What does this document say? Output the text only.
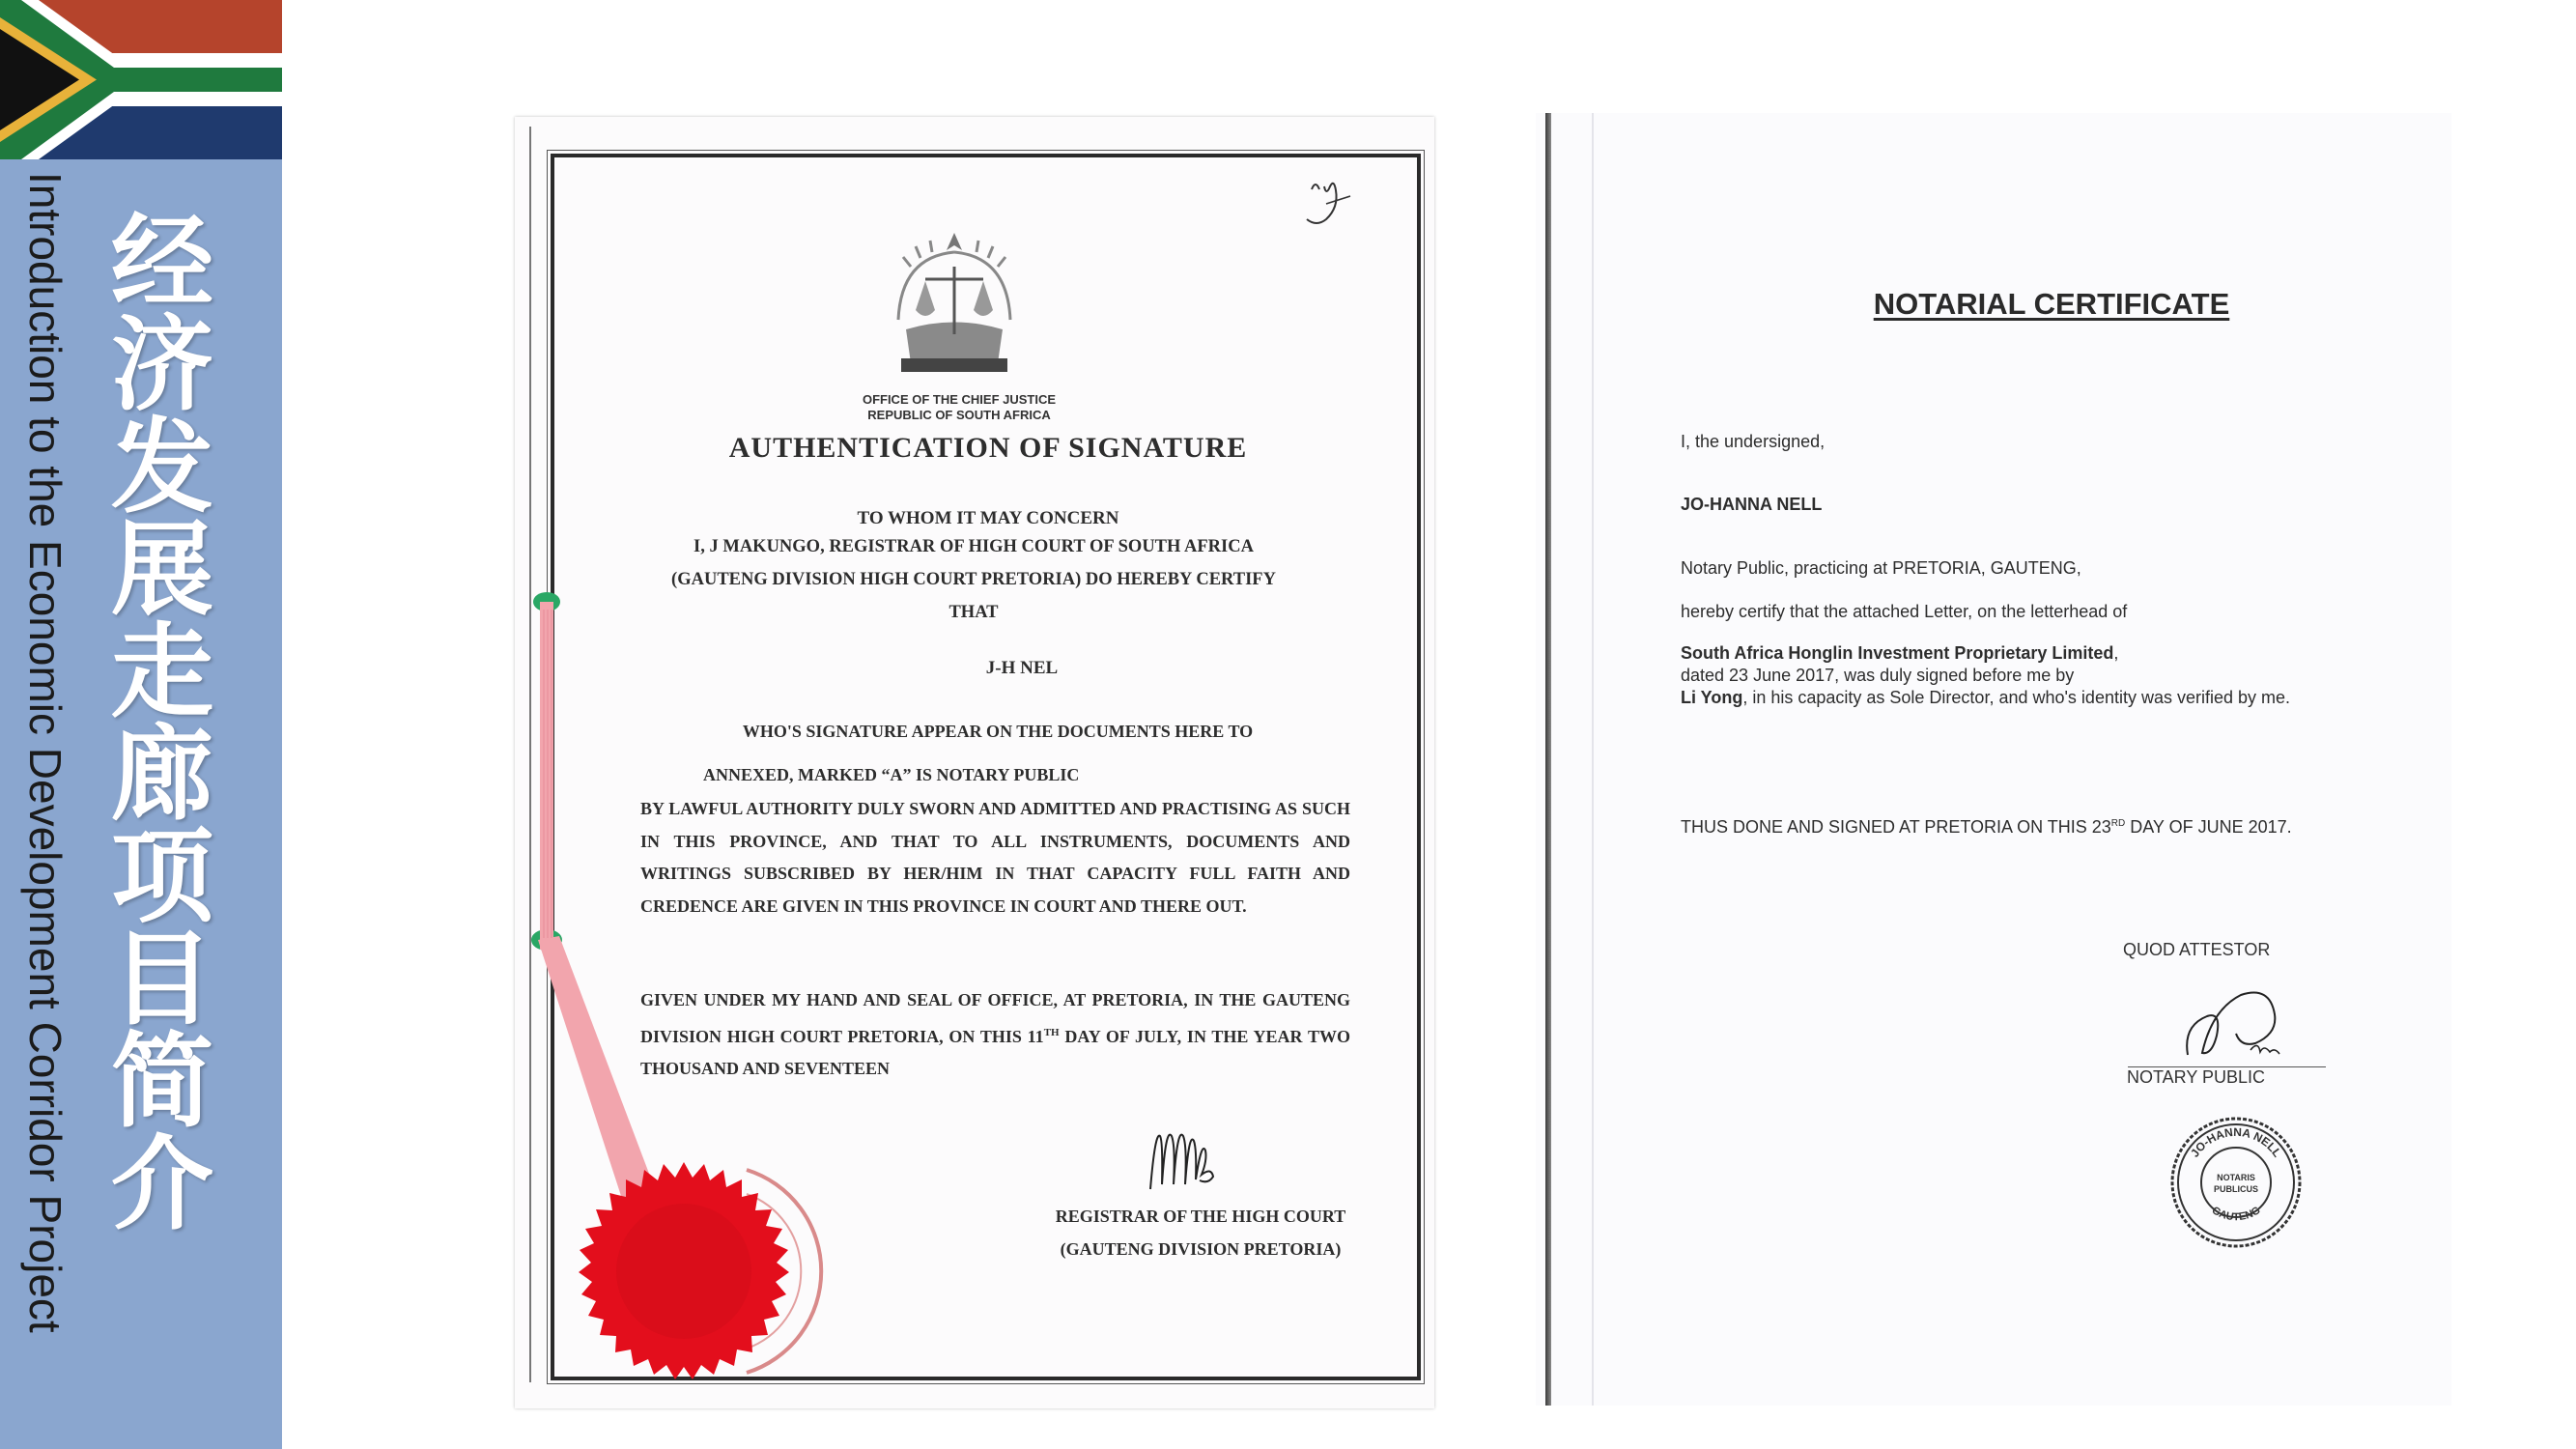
经济发展走廊项目简介
Introduction to the Economic Development Corridor Project	OFFICE OF THE CHIEF JUSTICE
REPUBLIC OF SOUTH AFRICA
AUTHENTICATION OF SIGNATURE
TO WHOM IT MAY CONCERN
I, J MAKUNGO, REGISTRAR OF HIGH COURT OF SOUTH AFRICA
(GAUTENG DIVISION HIGH COURT PRETORIA) DO HEREBY CERTIFY
THAT
J-H NEL
WHO'S SIGNATURE APPEAR ON THE DOCUMENTS HERE TO
ANNEXED, MARKED “A” IS NOTARY PUBLIC
BY LAWFUL AUTHORITY DULY SWORN AND ADMITTED AND PRACTISING AS SUCH IN THIS PROVINCE, AND THAT TO ALL INSTRUMENTS, DOCUMENTS AND WRITINGS SUBSCRIBED BY HER/HIM IN THAT CAPACITY FULL FAITH AND CREDENCE ARE GIVEN IN THIS PROVINCE IN COURT AND THERE OUT.
GIVEN UNDER MY HAND AND SEAL OF OFFICE, AT PRETORIA, IN THE GAUTENG DIVISION HIGH COURT PRETORIA, ON THIS 11TH DAY OF JULY, IN THE YEAR TWO THOUSAND AND SEVENTEEN
REGISTRAR OF THE HIGH COURT
(GAUTENG DIVISION PRETORIA)
NOTARIAL CERTIFICATE
I, the undersigned,
JO-HANNA NELL
Notary Public, practicing at PRETORIA, GAUTENG,
hereby certify that the attached Letter, on the letterhead of
South Africa Honglin Investment Proprietary Limited,
dated 23 June 2017, was duly signed before me by
Li Yong, in his capacity as Sole Director, and who's identity was verified by me.
THUS DONE AND SIGNED AT PRETORIA ON THIS 23RD DAY OF JUNE 2017.
QUOD ATTESTOR
NOTARY PUBLIC
JO-HANNA NELL
GAUTENG
NOTARIS
PUBLICUS
